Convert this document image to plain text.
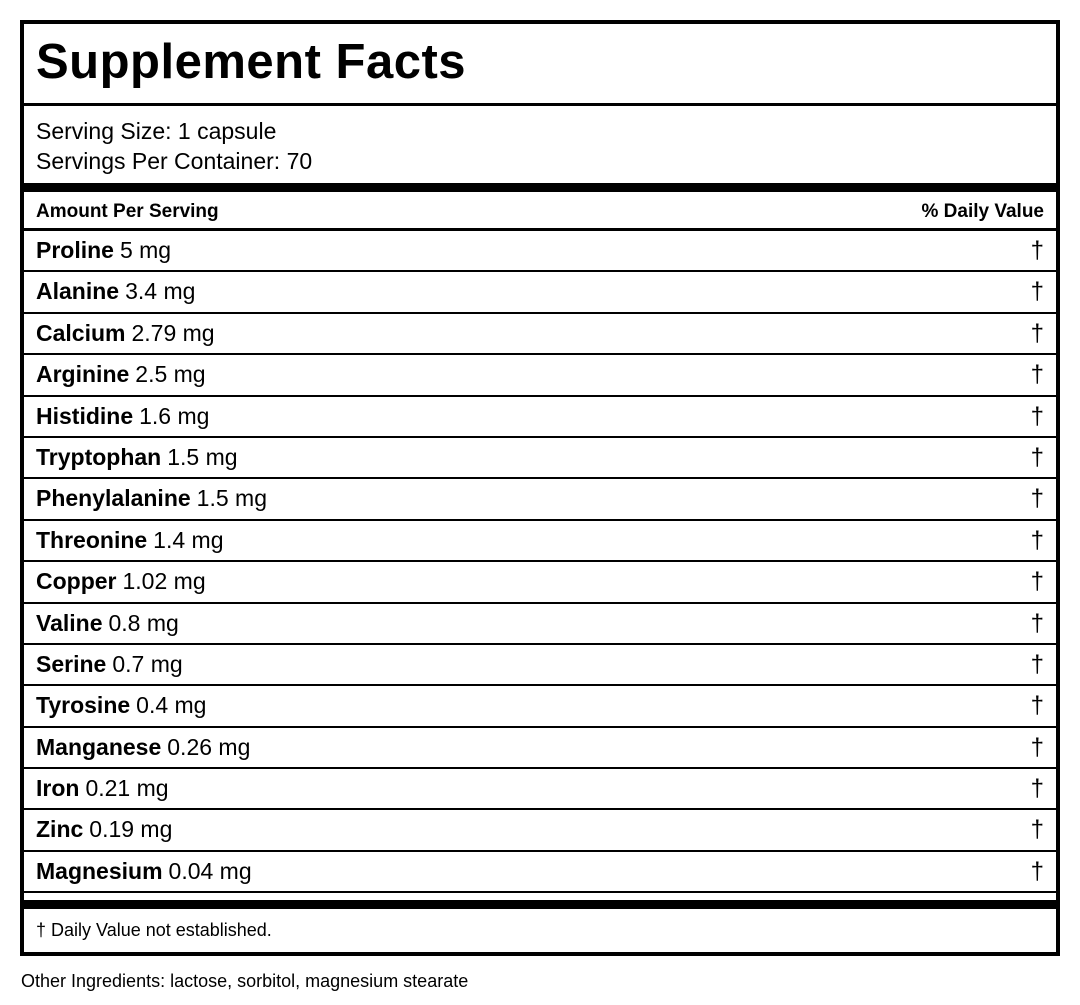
Supplement Facts
Serving Size: 1 capsule
Servings Per Container: 70
Amount Per Serving	% Daily Value
Proline 5 mg	†
Alanine 3.4 mg	†
Calcium 2.79 mg	†
Arginine 2.5 mg	†
Histidine 1.6 mg	†
Tryptophan 1.5 mg	†
Phenylalanine 1.5 mg	†
Threonine 1.4 mg	†
Copper 1.02 mg	†
Valine 0.8 mg	†
Serine 0.7 mg	†
Tyrosine 0.4 mg	†
Manganese 0.26 mg	†
Iron 0.21 mg	†
Zinc 0.19 mg	†
Magnesium 0.04 mg	†
† Daily Value not established.
Other Ingredients: lactose, sorbitol, magnesium stearate
